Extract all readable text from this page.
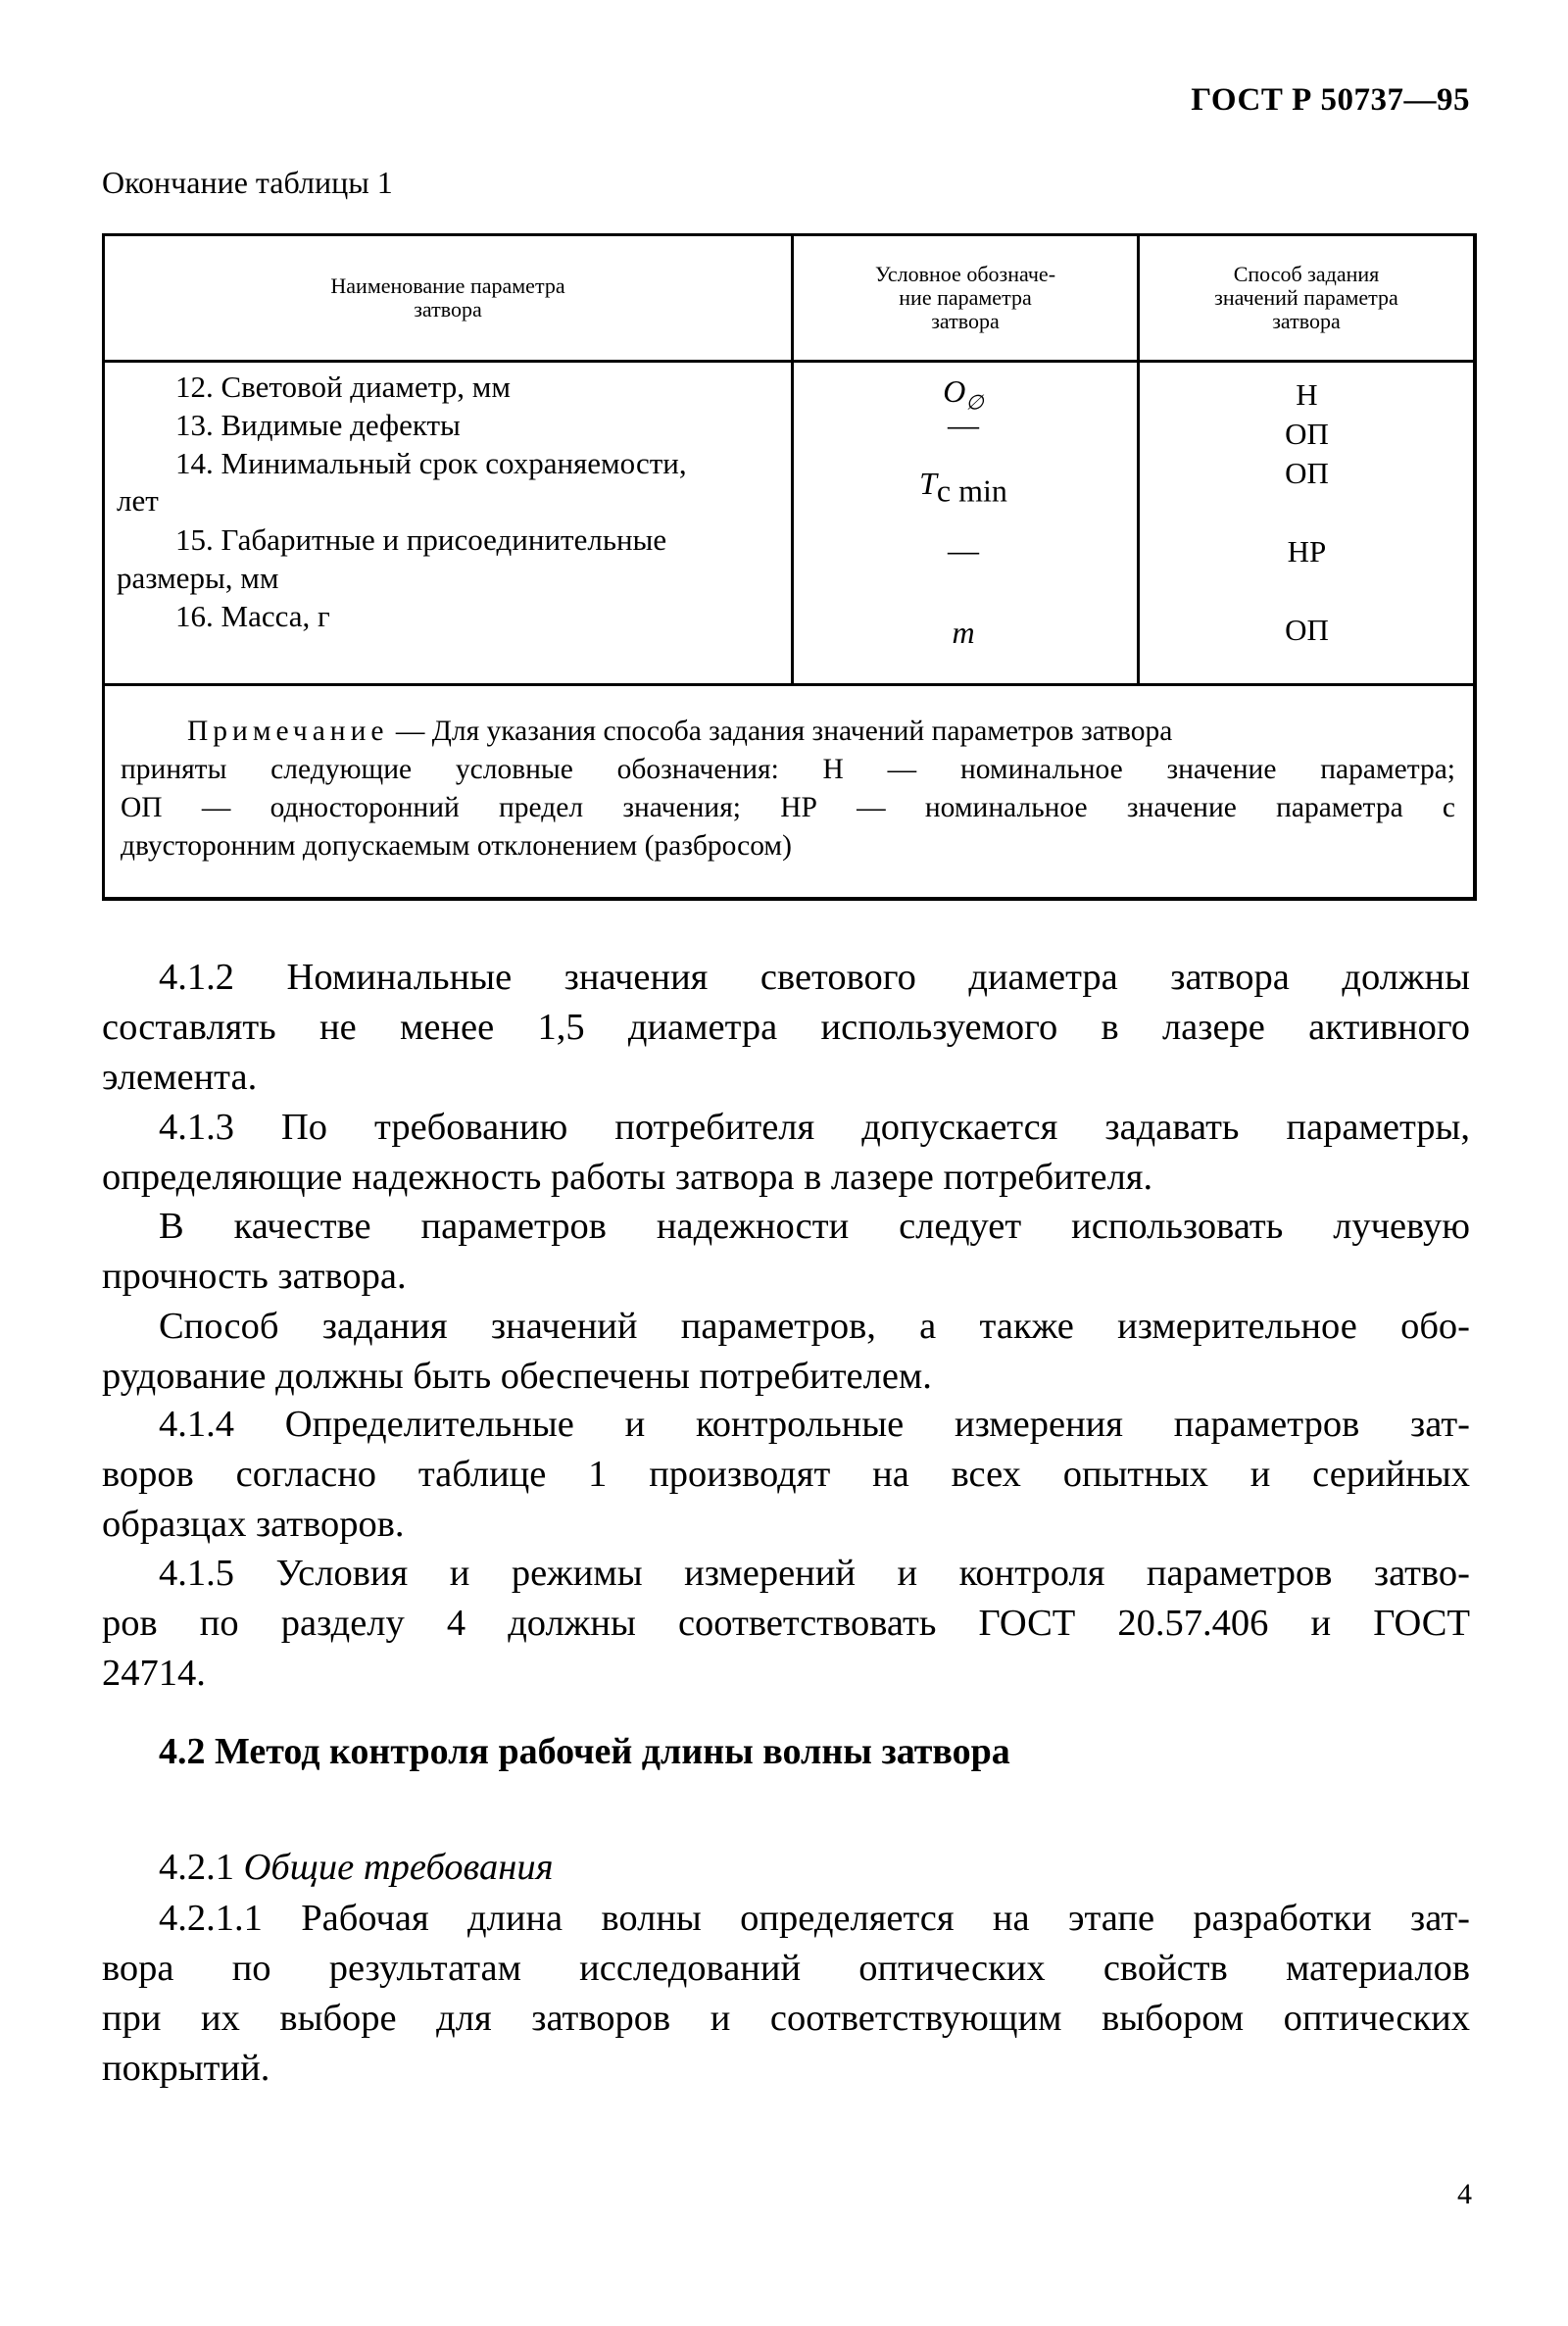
ГОСТ Р 50737—95
Окончание таблицы 1
Наименование параметра
затвора
Условное обозначе-
ние параметра
затвора
Способ задания
значений параметра
затвора
12. Световой диаметр, мм
13. Видимые дефекты
14. Минимальный срок сохраняемости,
лет
15. Габаритные и присоединительные
размеры, мм
16. Масса, г
$O_\emptyset$
—
$T_{c min}$
—
m
Н
ОП
ОП
НР
ОП
Примечание — Для указания способа задания значений параметров затвора
приняты следующие условные обозначения: Н — номинальное значение параметра;
ОП — односторонний предел значения; НР — номинальное значение параметра с
двусторонним допускаемым отклонением (разбросом)
4.1.2 Номинальные значения светового диаметра затвора должны
составлять не менее 1,5 диаметра используемого в лазере активного
элемента.
4.1.3 По требованию потребителя допускается задавать параметры,
определяющие надежность работы затвора в лазере потребителя.
В качестве параметров надежности следует использовать лучевую
прочность затвора.
Способ задания значений параметров, а также измерительное обо-
рудование должны быть обеспечены потребителем.
4.1.4 Определительные и контрольные измерения параметров зат-
воров согласно таблице 1 производят на всех опытных и серийных
образцах затворов.
4.1.5 Условия и режимы измерений и контроля параметров затво-
ров по разделу 4 должны соответствовать ГОСТ 20.57.406 и ГОСТ
24714.
4.2 Метод контроля рабочей длины волны затвора
4.2.1 Общие требования
4.2.1.1 Рабочая длина волны определяется на этапе разработки зат-
вора по результатам исследований оптических свойств материалов
при их выборе для затворов и соответствующим выбором оптических
покрытий.
4
